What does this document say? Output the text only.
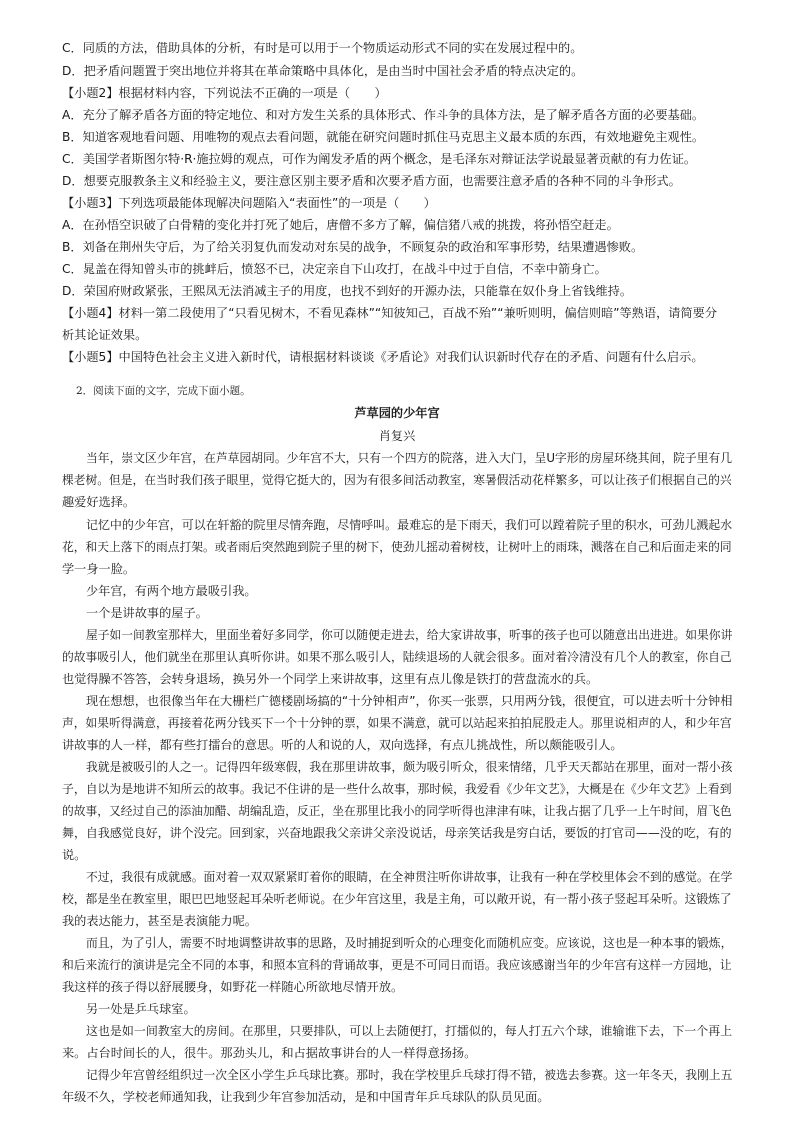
C．同质的方法，借助具体的分析，有时是可以用于一个物质运动形式不同的实在发展过程中的。

D．把矛盾问题置于突出地位并将其在革命策略中具体化，是由当时中国社会矛盾的特点决定的。

【小题2】根据材料内容，下列说法不正确的一项是（　　）

A．充分了解矛盾各方面的特定地位、和对方发生关系的具体形式、作斗争的具体方法，是了解矛盾各方面的必要基础。

B．知道客观地看问题、用唯物的观点去看问题，就能在研究问题时抓住马克思主义最本质的东西，有效地避免主观性。

C．美国学者斯图尔特·R·施拉姆的观点，可作为阐发矛盾的两个概念，是毛泽东对辩证法学说最显著贡献的有力佐证。

D．想要克服教条主义和经验主义，要注意区别主要矛盾和次要矛盾方面，也需要注意矛盾的各种不同的斗争形式。

【小题3】下列选项最能体现解决问题陷入“表面性”的一项是（　　）

A．在孙悟空识破了白骨精的变化并打死了她后，唐僧不多方了解，偏信猪八戒的挑拨，将孙悟空赶走。

B．刘备在荆州失守后，为了给关羽复仇而发动对东吴的战争，不顾复杂的政治和军事形势，结果遭遇惨败。

C．晁盖在得知曾头市的挑衅后，愤怒不已，决定亲自下山攻打，在战斗中过于自信，不幸中箭身亡。

D．荣国府财政紧张，王熙凤无法消减主子的用度，也找不到好的开源办法，只能靠在奴仆身上省钱维持。

【小题4】材料一第二段使用了“只看见树木，不看见森林”“知彼知己，百战不殆”“兼听则明，偏信则暗”等熟语，请简要分

析其论证效果。

【小题5】中国特色社会主义进入新时代，请根据材料谈谈《矛盾论》对我们认识新时代存在的矛盾、问题有什么启示。

2．阅读下面的文字，完成下面小题。
芦草园的少年宫
肖复兴

当年，崇文区少年宫，在芦草园胡同。少年宫不大，只有一个四方的院落，进入大门，呈U字形的房屋环绕其间，院子里有几

棵老树。但是，在当时我们孩子眼里，觉得它挺大的，因为有很多间活动教室，寒暑假活动花样繁多，可以让孩子们根据自己的兴

趣爱好选择。

记忆中的少年宫，可以在轩豁的院里尽情奔跑，尽情呼叫。最难忘的是下雨天，我们可以蹚着院子里的积水，可劲儿溅起水

花，和天上落下的雨点打架。或者雨后突然跑到院子里的树下，使劲儿摇动着树枝，让树叶上的雨珠，溅落在自己和后面走来的同

学一身一脸。

少年宫，有两个地方最吸引我。

一个是讲故事的屋子。

屋子如一间教室那样大，里面坐着好多同学，你可以随便走进去，给大家讲故事，听事的孩子也可以随意出出进进。如果你讲

的故事吸引人，他们就坐在那里认真听你讲。如果不那么吸引人，陆续退场的人就会很多。面对着冷清没有几个人的教室，你自己

也觉得臊不答答，会转身退场，换另外一个同学上来讲故事，这里有点儿像是铁打的营盘流水的兵。

现在想想，也很像当年在大栅栏广德楼剧场搞的“十分钟相声”，你买一张票，只用两分钱，很便宜，可以进去听十分钟相

声，如果听得满意，再接着花两分钱买下一个十分钟的票，如果不满意，就可以站起来拍拍屁股走人。那里说相声的人，和少年宫

讲故事的人一样，都有些打擂台的意思。听的人和说的人，双向选择，有点儿挑战性，所以颇能吸引人。

我就是被吸引的人之一。记得四年级寒假，我在那里讲故事，颇为吸引听众，很来情绪，几乎天天都站在那里，面对一帮小孩

子，自以为是地讲不知所云的故事。我记不住讲的是一些什么故事，那时候，我爱看《少年文艺》，大概是在《少年文艺》上看到

的故事，又经过自己的添油加醋、胡编乱造，反正，坐在那里比我小的同学听得也津津有味，让我占据了几乎一上午时间，眉飞色

舞，自我感觉良好，讲个没完。回到家，兴奋地跟我父亲讲父亲没说话，母亲笑话我是穷白话，要饭的打官司——没的吃，有的

说。

不过，我很有成就感。面对着一双双紧紧盯着你的眼睛，在全神贯注听你讲故事，让我有一种在学校里体会不到的感觉。在学

校，都是坐在教室里，眼巴巴地竖起耳朵听老师说。在少年宫这里，我是主角，可以敞开说，有一帮小孩子竖起耳朵听。这锻炼了

我的表达能力，甚至是表演能力呢。

而且，为了引人，需要不时地调整讲故事的思路，及时捕捉到听众的心理变化而随机应变。应该说，这也是一种本事的锻炼，

和后来流行的演讲是完全不同的本事，和照本宣科的背诵故事，更是不可同日而语。我应该感谢当年的少年宫有这样一方园地，让

我这样的孩子得以舒展腰身，如野花一样随心所欲地尽情开放。

另一处是乒乓球室。

这也是如一间教室大的房间。在那里，只要排队，可以上去随便打，打擂似的，每人打五六个球，谁输谁下去，下一个再上

来。占台时间长的人，很牛。那劲头儿，和占据故事讲台的人一样得意扬扬。

记得少年宫曾经组织过一次全区小学生乒乓球比赛。那时，我在学校里乒乓球打得不错，被选去参赛。这一年冬天，我刚上五

年级不久，学校老师通知我，让我到少年宫参加活动，是和中国青年乒乓球队的队员见面。
